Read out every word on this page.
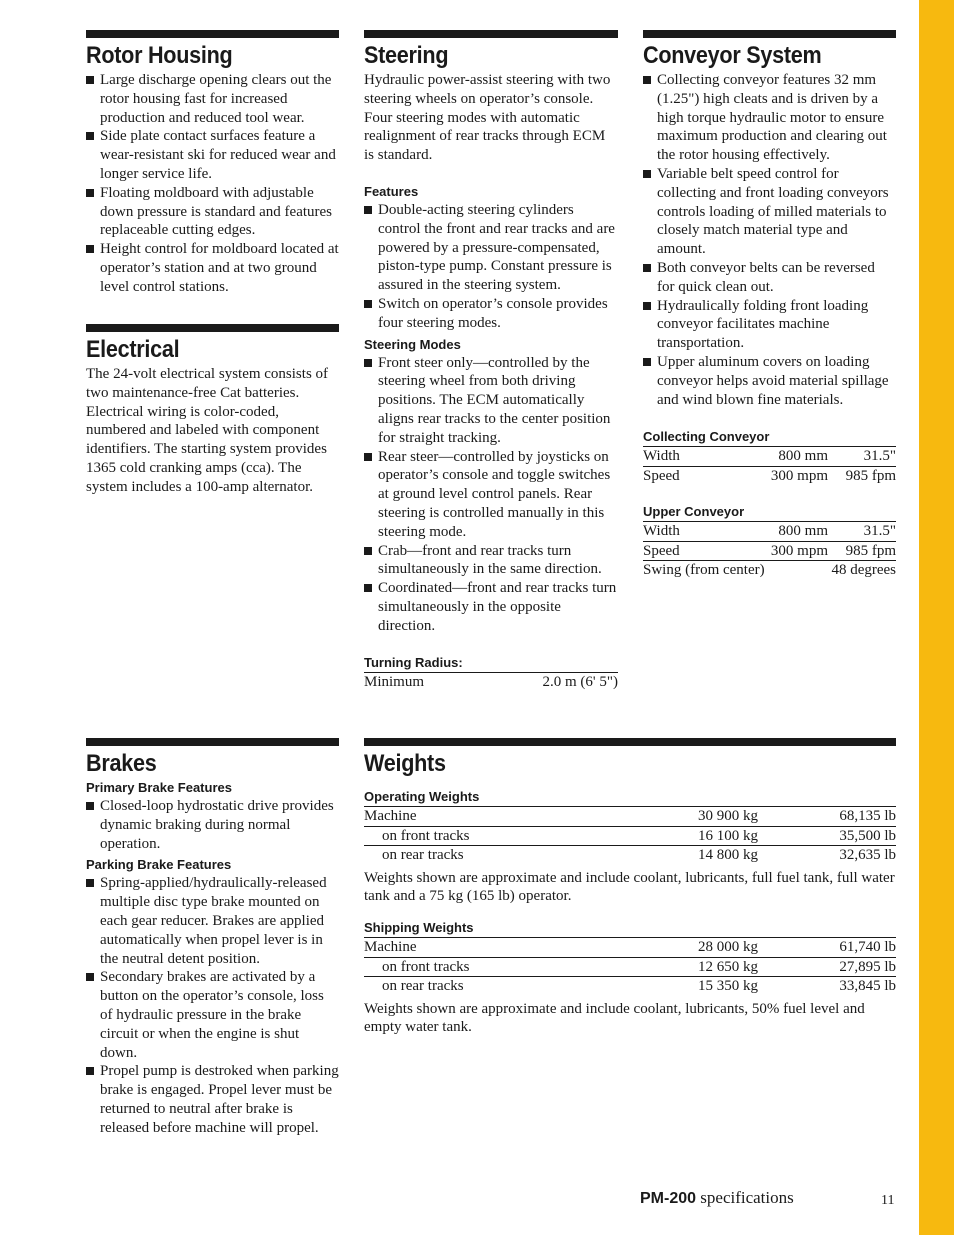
Rotor Housing
Large discharge opening clears out the rotor housing fast for increased production and reduced tool wear.
Side plate contact surfaces feature a wear-resistant ski for reduced wear and longer service life.
Floating moldboard with adjustable down pressure is standard and features replaceable cutting edges.
Height control for moldboard located at operator’s station and at two ground level control stations.
Electrical

The 24-volt electrical system consists of two maintenance-free Cat batteries. Electrical wiring is color-coded, numbered and labeled with component identifiers. The starting system provides 1365 cold cranking amps (cca). The system includes a 100-amp alternator.

Steering

Hydraulic power-assist steering with two steering wheels on operator’s console. Four steering modes with automatic realignment of rear tracks through ECM is standard.

Features
Double-acting steering cylinders control the front and rear tracks and are powered by a pressure-compensated, piston-type pump. Constant pressure is assured in the steering system.
Switch on operator’s console provides four steering modes.
Steering Modes
Front steer only—controlled by the steering wheel from both driving positions. The ECM automatically aligns rear tracks to the center position for straight tracking.
Rear steer—controlled by joysticks on operator’s console and toggle switches at ground level control panels. Rear steering is controlled manually in this steering mode.
Crab—front and rear tracks turn simultaneously in the same direction.
Coordinated—front and rear tracks turn simultaneously in the opposite direction.
Turning Radius:
Minimum	2.0 m (6' 5")
Conveyor System
Collecting conveyor features 32 mm (1.25") high cleats and is driven by a high torque hydraulic motor to ensure maximum production and clearing out the rotor housing effectively.
Variable belt speed control for collecting and front loading conveyors controls loading of milled materials to closely match material type and amount.
Both conveyor belts can be reversed for quick clean out.
Hydraulically folding front loading conveyor facilitates machine transportation.
Upper aluminum covers on loading conveyor helps avoid material spillage and wind blown fine materials.
Collecting Conveyor
Width	800 mm	31.5"
Speed	300 mpm	985 fpm
Upper Conveyor
Width	800 mm	31.5"
Speed	300 mpm	985 fpm
Swing (from center)		48 degrees
Brakes
Primary Brake Features
Closed-loop hydrostatic drive provides dynamic braking during normal operation.
Parking Brake Features
Spring-applied/hydraulically-released multiple disc type brake mounted on each gear reducer. Brakes are applied automatically when propel lever is in the neutral detent position.
Secondary brakes are activated by a button on the operator’s console, loss of hydraulic pressure in the brake circuit or when the engine is shut down.
Propel pump is destroked when parking brake is engaged. Propel lever must be returned to neutral after brake is released before machine will propel.
Weights
Operating Weights
Machine	30 900 kg	68,135 lb
on front tracks	16 100 kg	35,500 lb
on rear tracks	14 800 kg	32,635 lb

Weights shown are approximate and include coolant, lubricants, full fuel tank, full water tank and a 75 kg (165 lb) operator.

Shipping Weights
Machine	28 000 kg	61,740 lb
on front tracks	12 650 kg	27,895 lb
on rear tracks	15 350 kg	33,845 lb

Weights shown are approximate and include coolant, lubricants, 50% fuel level and empty water tank.

PM-200 specifications	11
